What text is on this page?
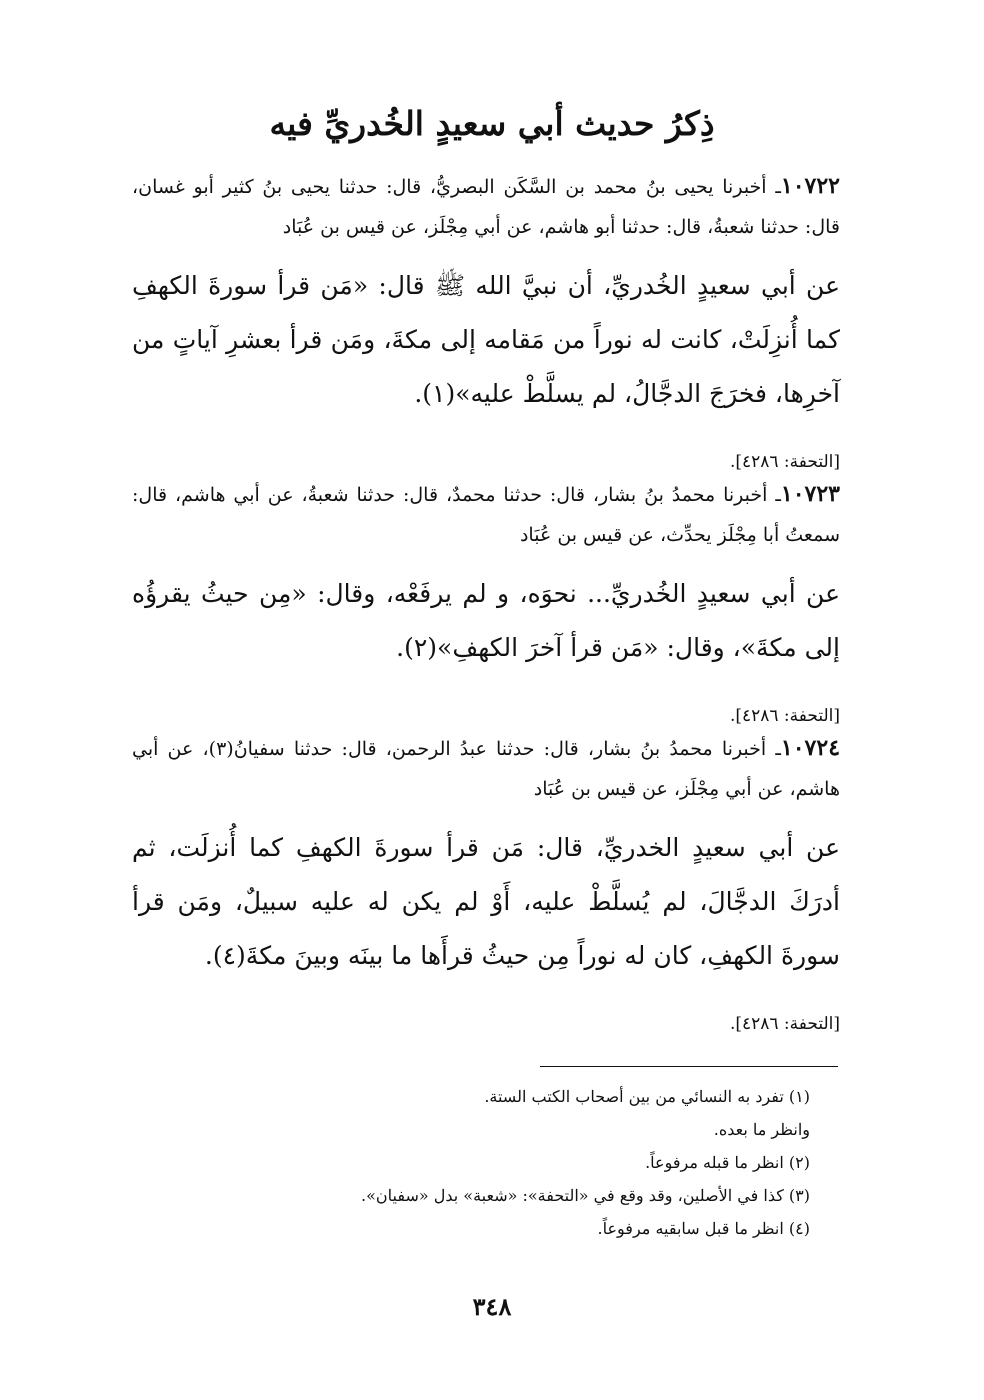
ذِكرُ حديث أبي سعيدٍ الخُدريِّ فيه
١٠٧٢٢ـ أخبرنا يحيى بنُ محمد بن السَّكَن البصريُّ، قال: حدثنا يحيى بنُ كثير أبو غسان، قال: حدثنا شعبةُ، قال: حدثنا أبو هاشم، عن أبي مِجْلَز، عن قيس بن عُبَاد
عن أبي سعيدٍ الخُدريِّ، أن نبيَّ الله ﷺ قال: «مَن قرأ سورةَ الكهفِ كما أُنزِلَتْ، كانت له نوراً من مَقامه إلى مكةَ، ومَن قرأ بعشرِ آياتٍ من آخرِها، فخرَجَ الدجَّالُ، لم يسلَّطْ عليه»(١).
[التحفة: ٤٢٨٦].
١٠٧٢٣ـ أخبرنا محمدُ بنُ بشار، قال: حدثنا محمدٌ، قال: حدثنا شعبةُ، عن أبي هاشم، قال: سمعتُ أبا مِجْلَز يحدِّث، عن قيس بن عُبَاد
عن أبي سعيدٍ الخُدريِّ... نحوَه، و لم يرفَعْه، وقال: «مِن حيثُ يقرؤُه إلى مكةَ»، وقال: «مَن قرأ آخرَ الكهفِ»(٢).
[التحفة: ٤٢٨٦].
١٠٧٢٤ـ أخبرنا محمدُ بنُ بشار، قال: حدثنا عبدُ الرحمن، قال: حدثنا سفيانُ(٣)، عن أبي هاشم، عن أبي مِجْلَز، عن قيس بن عُبَاد
عن أبي سعيدٍ الخدريِّ، قال: مَن قرأ سورةَ الكهفِ كما أُنزلَت، ثم أدرَكَ الدجَّالَ، لم يُسلَّطْ عليه، أَوْ لم يكن له عليه سبيلٌ، ومَن قرأ سورةَ الكهفِ، كان له نوراً مِن حيثُ قرأَها ما بينَه وبينَ مكةَ(٤).
[التحفة: ٤٢٨٦].
(١) تفرد به النسائي من بين أصحاب الكتب الستة.
وانظر ما بعده.
(٢) انظر ما قبله مرفوعاً.
(٣) كذا في الأصلين، وقد وقع في «التحفة»: «شعبة» بدل «سفيان».
(٤) انظر ما قبل سابقيه مرفوعاً.
٣٤٨
